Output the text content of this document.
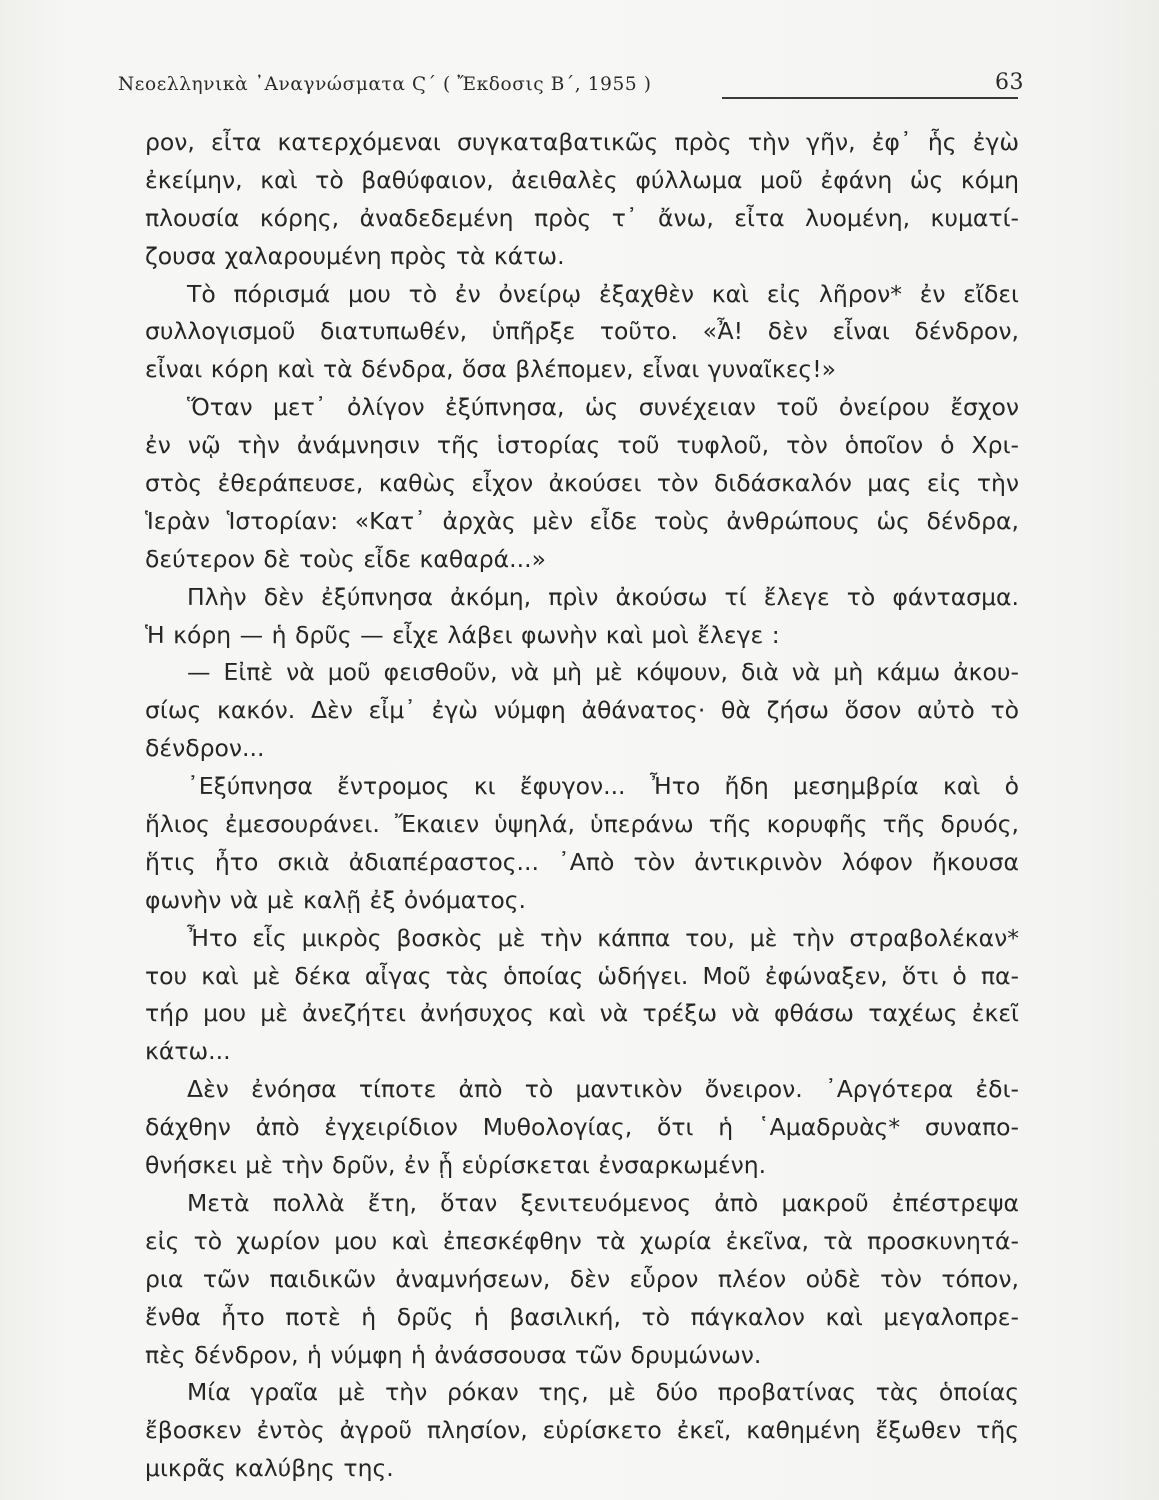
Νεοελληνικὰ ᾿Αναγνώσματα Ϛ΄ ( Ἔκδοσις Β΄, 1955 )	63
ρον, εἶτα κατερχόμεναι συγκαταβατικῶς πρὸς τὴν γῆν, ἐφ᾽ ἧς ἐγὼ
ἐκείμην, καὶ τὸ βαθύφαιον, ἀειθαλὲς φύλλωμα μοῦ ἐφάνη ὡς κόμη
πλουσία κόρης, ἀναδεδεμένη πρὸς τ᾽ ἄνω, εἶτα λυομένη, κυματί-
ζουσα χαλαρουμένη πρὸς τὰ κάτω.
Τὸ πόρισμά μου τὸ ἐν ὀνείρῳ ἐξαχθὲν καὶ εἰς λῆρον* ἐν εἴδει
συλλογισμοῦ διατυπωθέν, ὑπῆρξε τοῦτο. «Ἆ! δὲν εἶναι δένδρον,
εἶναι κόρη καὶ τὰ δένδρα, ὅσα βλέπομεν, εἶναι γυναῖκες!»
Ὅταν μετ᾽ ὀλίγον ἐξύπνησα, ὡς συνέχειαν τοῦ ὀνείρου ἔσχον
ἐν νῷ τὴν ἀνάμνησιν τῆς ἱστορίας τοῦ τυφλοῦ, τὸν ὁποῖον ὁ Χρι-
στὸς ἐθεράπευσε, καθὼς εἶχον ἀκούσει τὸν διδάσκαλόν μας εἰς τὴν
Ἱερὰν Ἱστορίαν: «Κατ᾽ ἀρχὰς μὲν εἶδε τοὺς ἀνθρώπους ὡς δένδρα,
δεύτερον δὲ τοὺς εἶδε καθαρά...»
Πλὴν δὲν ἐξύπνησα ἀκόμη, πρὶν ἀκούσω τί ἔλεγε τὸ φάντασμα.
Ἡ κόρη — ἡ δρῦς — εἶχε λάβει φωνὴν καὶ μοὶ ἔλεγε :
— Εἰπὲ νὰ μοῦ φεισθοῦν, νὰ μὴ μὲ κόψουν, διὰ νὰ μὴ κάμω ἀκου-
σίως κακόν. Δὲν εἶμ᾽ ἐγὼ νύμφη ἀθάνατος· θὰ ζήσω ὅσον αὐτὸ τὸ
δένδρον...
᾿Εξύπνησα ἔντρομος κι ἔφυγον... Ἦτο ἤδη μεσημβρία καὶ ὁ
ἥλιος ἐμεσουράνει. Ἔκαιεν ὑψηλά, ὑπεράνω τῆς κορυφῆς τῆς δρυός,
ἥτις ἦτο σκιὰ ἀδιαπέραστος... ᾿Απὸ τὸν ἀντικρινὸν λόφον ἤκουσα
φωνὴν νὰ μὲ καλῇ ἐξ ὀνόματος.
Ἦτο εἷς μικρὸς βοσκὸς μὲ τὴν κάππα του, μὲ τὴν στραβολέκαν*
του καὶ μὲ δέκα αἶγας τὰς ὁποίας ὡδήγει. Μοῦ ἐφώναξεν, ὅτι ὁ πα-
τήρ μου μὲ ἀνεζήτει ἀνήσυχος καὶ νὰ τρέξω νὰ φθάσω ταχέως ἐκεῖ
κάτω...
Δὲν ἐνόησα τίποτε ἀπὸ τὸ μαντικὸν ὄνειρον. ᾿Αργότερα ἐδι-
δάχθην ἀπὸ ἐγχειρίδιον Μυθολογίας, ὅτι ἡ ῾Αμαδρυὰς* συναπο-
θνήσκει μὲ τὴν δρῦν, ἐν ᾗ εὑρίσκεται ἐνσαρκωμένη.
Μετὰ πολλὰ ἔτη, ὅταν ξενιτευόμενος ἀπὸ μακροῦ ἐπέστρεψα
εἰς τὸ χωρίον μου καὶ ἐπεσκέφθην τὰ χωρία ἐκεῖνα, τὰ προσκυνητά-
ρια τῶν παιδικῶν ἀναμνήσεων, δὲν εὗρον πλέον οὐδὲ τὸν τόπον,
ἔνθα ἦτο ποτὲ ἡ δρῦς ἡ βασιλική, τὸ πάγκαλον καὶ μεγαλοπρε-
πὲς δένδρον, ἡ νύμφη ἡ ἀνάσσουσα τῶν δρυμώνων.
Μία γραῖα μὲ τὴν ρόκαν της, μὲ δύο προβατίνας τὰς ὁποίας
ἔβοσκεν ἐντὸς ἀγροῦ πλησίον, εὑρίσκετο ἐκεῖ, καθημένη ἔξωθεν τῆς
μικρᾶς καλύβης της.
